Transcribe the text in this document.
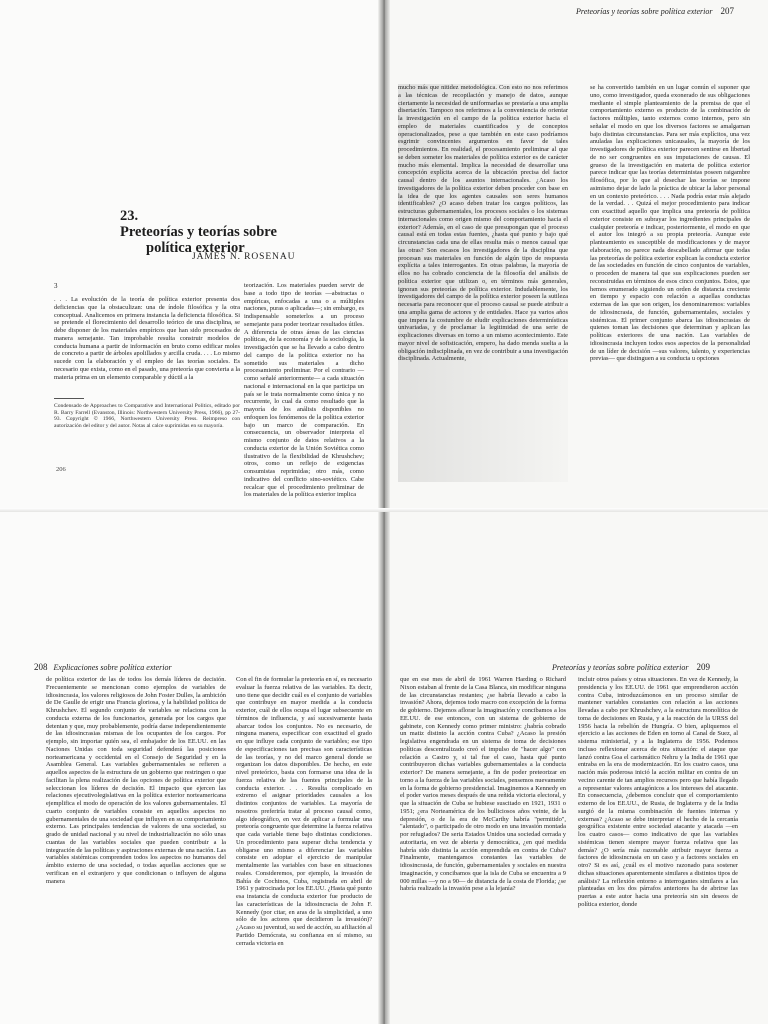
23.
Preteorías y teorías sobre
política exterior
JAMES N. ROSENAU
3

. . . La evolución de la teoría de política exterior presenta dos deficiencias que la obstaculizan: una de índole filosófica y la otra conceptual. Analicemos en primera instancia la deficiencia filosófica. Si se pretende el florecimiento del desarrollo teórico de una disciplina, se debe disponer de los materiales empíricos que han sido procesados de manera semejante. Tan improbable resulta construir modelos de conducta humana a partir de información en bruto como edificar moles de concreto a partir de árboles apolillados y arcilla cruda. . . . Lo mismo sucede con la elaboración y el empleo de las teorías sociales. Es necesario que exista, como en el pasado, una preteoría que convierta a la materia prima en un elemento comparable y dúctil a la

teorización. Los materiales pueden servir de base a todo tipo de teorías —abstractas o empíricas, enfocadas a una o a múltiples naciones, puras o aplicadas—; sin embargo, es indispensable someterlos a un proceso semejante para poder teorizar resultados útiles. A diferencia de otras áreas de las ciencias políticas, de la economía y de la sociología, la investigación que se ha llevado a cabo dentro del campo de la política exterior no ha sometido sus materiales a dicho procesamiento preliminar. Por el contrario —como señalé anteriormente— a cada situación nacional e internacional en la que participa un país se le trata normalmente como única y no recurrente, lo cual da como resultado que la mayoría de los análisis disponibles no enfoquen los fenómenos de la política exterior bajo un marco de comparación. En consecuencia, un observador interpreta el mismo conjunto de datos relativos a la conducta exterior de la Unión Soviética como ilustrativo de la flexibilidad de Khrushchev; otros, como un reflejo de exigencias consumistas reprimidas; otro más, como indicativo del conflicto sino-soviético. Cabe recalcar que el procedimiento preliminar de los materiales de la política exterior implica

Condensado de Approaches to Comparative and International Politics, editado por R. Barry Farrell (Evanston, Illinois: Northwestern University Press, 1966), pp 27-93. Copyright © 1966, Northwestern University Press. Reimpreso con autorización del editor y del autor. Notas al calce suprimidas en su mayoría.
206
Preteorías y teorías sobre política exterior 207

mucho más que nitidez metodológica. Con esto no nos referimos a las técnicas de recopilación y manejo de datos, aunque ciertamente la necesidad de uniformarlas se prestaría a una amplia disertación. Tampoco nos referimos a la conveniencia de orientar la investigación en el campo de la política exterior hacia el empleo de materiales cuantificados y de conceptos operacionalizados, pese a que también en este caso podríamos esgrimir convincentes argumentos en favor de tales procedimientos. En realidad, el procesamiento preliminar al que se deben someter los materiales de política exterior es de carácter mucho más elemental. Implica la necesidad de desarrollar una concepción explícita acerca de la ubicación precisa del factor causal dentro de los asuntos internacionales. ¿Acaso los investigadores de la política exterior deben proceder con base en la idea de que los agentes causales son seres humanos identificables? ¿O acaso deben tratar los cargos políticos, las estructuras gubernamentales, los procesos sociales o los sistemas internacionales como origen mismo del comportamiento hacia el exterior? Además, en el caso de que presupongan que el proceso causal está en todas estas fuentes, ¿hasta qué punto y bajo qué circunstancias cada una de ellas resulta más o menos causal que las otras? Son escasos los investigadores de la disciplina que procesan sus materiales en función de algún tipo de respuesta explícita a tales interrogantes. En otras palabras, la mayoría de ellos no ha cobrado conciencia de la filosofía del análisis de política exterior que utilizan o, en términos más generales, ignoran sus preteorías de política exterior. Indudablemente, los investigadores del campo de la política exterior poseen la sutileza necesaria para reconocer que el proceso causal se puede atribuir a una amplia gama de actores y de entidades. Hace ya varios años que impera la costumbre de eludir explicaciones determinísticas univariadas, y de proclamar la legitimidad de una serie de explicaciones diversas en torno a un mismo acontecimiento. Este mayor nivel de sofisticación, empero, ha dado menda suelta a la obligación indisciplinada, en vez de contribuir a una investigación disciplinada. Actualmente,

se ha convertido también en un lugar común el suponer que uno, como investigador, queda exonerado de sus obligaciones mediante el simple planteamiento de la premisa de que el comportamiento externo es producto de la combinación de factores múltiples, tanto externos como internos, pero sin señalar el modo en que los diversos factores se amalgaman bajo distintas circunstancias. Para ser más explícitos, una vez anuladas las explicaciones unicausales, la mayoría de los investigadores de política exterior parecen sentirse en libertad de no ser congruentes en sus imputaciones de causas. El grueso de la investigación en materia de política exterior parece indicar que las teorías deterministas poseen raigambre filosófica, por lo que al desechar las teorías se impone asimismo dejar de lado la práctica de ubicar la labor personal en un contexto preteórico. . . . Nada podría estar más alejado de la verdad. . . Quizá el mejor procedimiento para indicar con exactitud aquello que implica una preteoría de política exterior consiste en subrayar los ingredientes principales de cualquier preteoría e indicar, posteriormente, el modo en que el autor los integró a su propia preteoría. Aunque este planteamiento es susceptible de modificaciones y de mayor elaboración, no parece nada descabellado afirmar que todas las preteorías de política exterior explican la conducta exterior de las sociedades en función de cinco conjuntos de variables, o proceden de manera tal que sus explicaciones pueden ser reconstruidas en términos de esos cinco conjuntos. Estos, que hemos enumerado siguiendo un orden de distancia creciente en tiempo y espacio con relación a aquellas conductas externas de las que son origen, los denominaremos: variables de idiosincrasia, de función, gubernamentales, sociales y sistémicas. El primer conjunto abarca las idiosincrasias de quienes toman las decisiones que determinan y aplican las políticas exteriores de una nación. Las variables de idiosincrasia incluyen todos esos aspectos de la personalidad de un líder de decisión —sus valores, talento, y experiencias previas— que distinguen a su conducta u opciones

208 Explicaciones sobre política exterior

de política exterior de las de todos los demás líderes de decisión. Frecuentemente se mencionan como ejemplos de variables de idiosincrasia, los valores religiosos de John Foster Dulles, la ambición de De Gaulle de erigir una Francia gloriosa, y la habilidad política de Khrushchev. El segundo conjunto de variables se relaciona con la conducta externa de los funcionarios, generada por los cargos que detentan y que, muy probablemente, podría darse independientemente de las idiosincrasias mismas de los ocupantes de los cargos. Por ejemplo, sin importar quién sea, el embajador de los EE.UU. en las Naciones Unidas con toda seguridad defenderá las posiciones norteamericana y occidental en el Consejo de Seguridad y en la Asamblea General. Las variables gubernamentales se refieren a aquellos aspectos de la estructura de un gobierno que restringen o que facilitan la plena realización de las opciones de política exterior que seleccionan los líderes de decisión. El impacto que ejercen las relaciones ejecutivolegislativas en la política exterior norteamericana ejemplifica el modo de operación de los valores gubernamentales. El cuarto conjunto de variables consiste en aquellos aspectos no gubernamentales de una sociedad que influyen en su comportamiento externo. Las principales tendencias de valores de una sociedad, su grado de unidad nacional y su nivel de industrialización no sólo unas cuantas de las variables sociales que pueden contribuir a la integración de las políticas y aspiraciones externas de una nación. Las variables sistémicas comprenden todos los aspectos no humanos del ámbito externo de una sociedad, o todas aquellas acciones que se verifican en el extranjero y que condicionan o influyen de alguna manera

Con el fin de formular la preteoría en sí, es necesario evaluar la fuerza relativa de las variables. Es decir, uno tiene que decidir cuál es el conjunto de variables que contribuye en mayor medida a la conducta exterior, cuál de ellos ocupa el lugar subsecuente en términos de influencia, y así sucesivamente hasta abarcar todos los conjuntos. No es necesario, de ninguna manera, especificar con exactitud el grado en que influye cada conjunto de variables; ese tipo de especificaciones tan precisas son características de las teorías, y no del marco general donde se organizan los datos disponibles. De hecho, en este nivel preteórico, basta con formarse una idea de la fuerza relativa de las fuentes principales de la conducta exterior. . . . Resulta complicado en extremo el asignar prioridades causales a los distintos conjuntos de variables. La mayoría de nosotros preferiría tratar al proceso causal como, algo ideográfico, en vez de aplicar a formular una preteoría congruente que determine la fuerza relativa que cada variable tiene bajo distintas condiciones. Un procedimiento para superar dicha tendencia y obligarse uno mismo a diferenciar las variables consiste en adoptar el ejercicio de manipular mentalmente las variables con base en situaciones reales. Consideremos, por ejemplo, la invasión de Bahía de Cochinos, Cuba, registrada en abril de 1961 y patrocinada por los EE.UU. ¿Hasta qué punto esa instancia de conducta exterior fue producto de las características de la idiosincracia de John F. Kennedy (por citar, en aras de la simplicidad, a uno sólo de los actores que decidieron la invasión)? ¿Acaso su juventud, su sed de acción, su afiliación al Partido Demócrata, su confianza en sí mismo, su cerrada victoria en

Preteorías y teorías sobre política exterior 209

que en ese mes de abril de 1961 Warren Harding o Richard Nixon estaban al frente de la Casa Blanca, sin modificar ninguna de las circunstancias restantes; ¿se habría llevado a cabo la invasión? Ahora, dejemos todo macro con excepción de la forma de gobierno. Dejemos aflorar la imaginación y concibamos a los EE.UU. de ese entonces, con un sistema de gobierno de gabinete, con Kennedy como primer ministro: ¿habría cobrado un matiz distinto la acción contra Cuba? ¿Acaso la presión legislativa engendrada en un sistema de toma de decisiones políticas descentralizado creó el impulso de "hacer algo" con relación a Castro y, si tal fue el caso, hasta qué punto contribuyeron dichas variables gubernamentales a la conducta exterior? De manera semejante, a fin de poder preteorizar en torno a la fuerza de las variables sociales, pensemos nuevamente en la forma de gobierno presidencial. Imaginemos a Kennedy en el poder varios meses después de una reñida victoria electoral, y que la situación de Cuba se hubiese suscitado en 1921, 1931 o 1951; ¿era Norteamérica de los bulliciosos años veinte, de la depresión, o de la era de McCarthy habría "permitido", "alentado", o participado de otro modo en una invasión montada por refugiados? De seria Estados Unidos una sociedad cerrada y autoritaria, en vez de abierta y democrática, ¿en qué medida habría sido distinta la acción emprendida en contra de Cuba? Finalmente, mantengamos constantes las variables de idiosincrasia, de función, gubernamentales y sociales en nuestra imaginación, y concibamos que la isla de Cuba se encuentra a 9 000 millas —y no a 90— de distancia de la costa de Florida; ¿se habría realizado la invasión pese a la lejanía?

incluir otros países y otras situaciones. En vez de Kennedy, la presidencia y los EE.UU. de 1961 que emprendieron acción contra Cuba, introduzcámonos en un proceso similar de mantener variables constantes con relación a las acciones llevadas a cabo por Khrushchev, a la estructura monolítica de toma de decisiones en Rusia, y a la reacción de la URSS del 1956 hacia la rebelión de Hungría. O bien, apliquemos el ejercicio a las acciones de Eden en torno al Canal de Suez, al sistema ministerial, y a la Inglaterra de 1956. Podemos incluso reflexionar acerca de otra situación: el ataque que lanzó contra Goa el carismático Nehru y la India de 1961 que entraba en la era de modernización. En los cuatro casos, una nación más poderosa inició la acción militar en contra de un vecino carente de tan amplios recursos pero que había llegado a representar valores antagónicos a los intereses del atacante. En consecuencia, ¿debemos concluir que el comportamiento externo de los EE.UU., de Rusia, de Inglaterra y de la India surgió de la misma combinación de fuentes internas y externas? ¿Acaso se debe interpretar el hecho de la cercanía geográfica existente entre sociedad atacante y atacada —en los cuatro casos— como indicativo de que las variables sistémicas tienen siempre mayor fuerza relativa que las demás? ¿O sería más razonable atribuir mayor fuerza a factores de idiosincrasia en un caso y a factores sociales en otro? Si es así, ¿cuál es el motivo razonado para sostener dichas situaciones aparentemente similares a distintos tipos de análisis? La reflexión entorno a interrogantes similares a las planteadas en los dos párrafos anteriores ha de abrirse las puertas a este autor hacia una preteoría sin sin deseos de política exterior, donde
